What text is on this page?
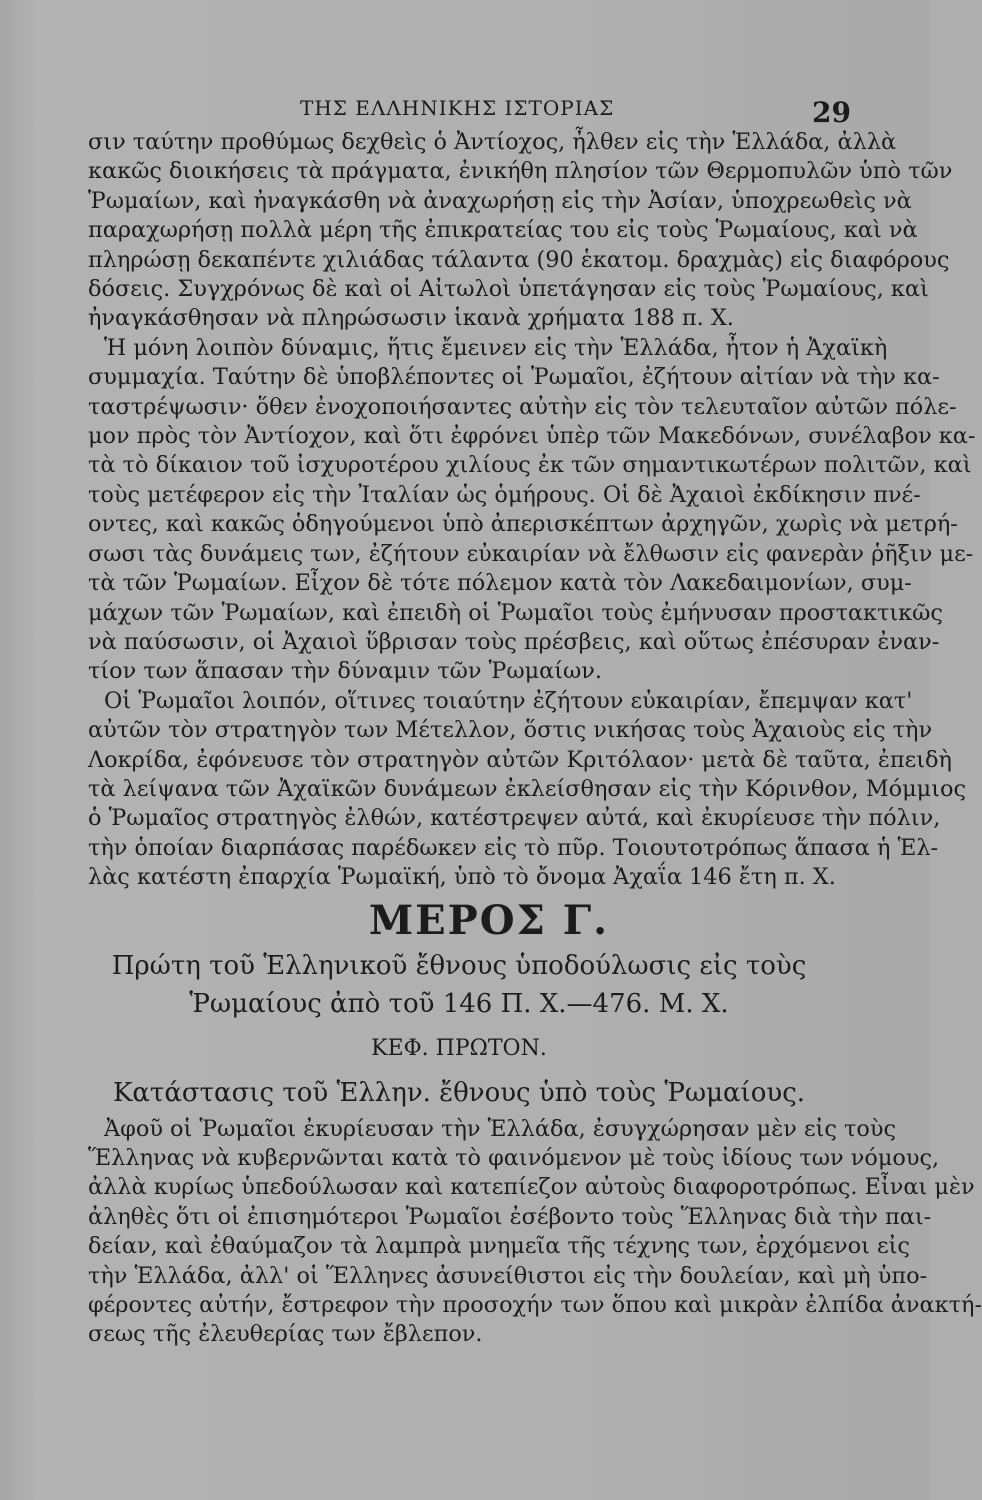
ΤΗΣ ΕΛΛΗΝΙΚΗΣ ΙΣΤΟΡΙΑΣ	29
σιν ταύτην προθύμως δεχθεὶς ὁ Ἀντίοχος, ἦλθεν εἰς τὴν Ἑλλάδα, ἀλλὰ
κακῶς διοικήσεις τὰ πράγματα, ἐνικήθη πλησίον τῶν Θερμοπυλῶν ὑπὸ τῶν
Ῥωμαίων, καὶ ἠναγκάσθη νὰ ἀναχωρήσῃ εἰς τὴν Ἀσίαν, ὑποχρεωθεὶς νὰ
παραχωρήσῃ πολλὰ μέρη τῆς ἐπικρατείας του εἰς τοὺς Ῥωμαίους, καὶ νὰ
πληρώσῃ δεκαπέντε χιλιάδας τάλαντα (90 ἑκατομ. δραχμὰς) εἰς διαφόρους
δόσεις. Συγχρόνως δὲ καὶ οἱ Αἰτωλοὶ ὑπετάγησαν εἰς τοὺς Ῥωμαίους, καὶ
ἠναγκάσθησαν νὰ πληρώσωσιν ἱκανὰ χρήματα 188 π. Χ.
Ἡ μόνη λοιπὸν δύναμις, ἥτις ἔμεινεν εἰς τὴν Ἑλλάδα, ἦτον ἡ Ἀχαϊκὴ
συμμαχία. Ταύτην δὲ ὑποβλέποντες οἱ Ῥωμαῖοι, ἐζήτουν αἰτίαν νὰ τὴν κα-
ταστρέψωσιν· ὅθεν ἐνοχοποιήσαντες αὐτὴν εἰς τὸν τελευταῖον αὐτῶν πόλε-
μον πρὸς τὸν Ἀντίοχον, καὶ ὅτι ἐφρόνει ὑπὲρ τῶν Μακεδόνων, συνέλαβον κα-
τὰ τὸ δίκαιον τοῦ ἰσχυροτέρου χιλίους ἐκ τῶν σημαντικωτέρων πολιτῶν, καὶ
τοὺς μετέφερον εἰς τὴν Ἰταλίαν ὡς ὁμήρους. Οἱ δὲ Ἀχαιοὶ ἐκδίκησιν πνέ-
οντες, καὶ κακῶς ὁδηγούμενοι ὑπὸ ἀπερισκέπτων ἀρχηγῶν, χωρὶς νὰ μετρή-
σωσι τὰς δυνάμεις των, ἐζήτουν εὐκαιρίαν νὰ ἔλθωσιν εἰς φανερὰν ῥῆξιν με-
τὰ τῶν Ῥωμαίων. Εἶχον δὲ τότε πόλεμον κατὰ τὸν Λακεδαιμονίων, συμ-
μάχων τῶν Ῥωμαίων, καὶ ἐπειδὴ οἱ Ῥωμαῖοι τοὺς ἐμήνυσαν προστακτικῶς
νὰ παύσωσιν, οἱ Ἀχαιοὶ ὕβρισαν τοὺς πρέσβεις, καὶ οὕτως ἐπέσυραν ἐναν-
τίον των ἅπασαν τὴν δύναμιν τῶν Ῥωμαίων.
Οἱ Ῥωμαῖοι λοιπόν, οἵτινες τοιαύτην ἐζήτουν εὐκαιρίαν, ἔπεμψαν κατ'
αὐτῶν τὸν στρατηγὸν των Μέτελλον, ὅστις νικήσας τοὺς Ἀχαιοὺς εἰς τὴν
Λοκρίδα, ἐφόνευσε τὸν στρατηγὸν αὐτῶν Κριτόλαον· μετὰ δὲ ταῦτα, ἐπειδὴ
τὰ λείψανα τῶν Ἀχαϊκῶν δυνάμεων ἐκλείσθησαν εἰς τὴν Κόρινθον, Μόμμιος
ὁ Ῥωμαῖος στρατηγὸς ἐλθών, κατέστρεψεν αὐτά, καὶ ἐκυρίευσε τὴν πόλιν,
τὴν ὁποίαν διαρπάσας παρέδωκεν εἰς τὸ πῦρ. Τοιουτοτρόπως ἅπασα ἡ Ἑλ-
λὰς κατέστη ἐπαρχία Ῥωμαϊκή, ὑπὸ τὸ ὄνομα Ἀχαΐα 146 ἔτη π. Χ.
ΜΕΡΟΣ Γ.
Πρώτη τοῦ Ἑλληνικοῦ ἔθνους ὑποδούλωσις εἰς τοὺς
Ῥωμαίους ἀπὸ τοῦ 146 Π. Χ.—476. Μ. Χ.
ΚΕΦ. ΠΡΩΤΟΝ.
Κατάστασις τοῦ Ἑλλην. ἔθνους ὑπὸ τοὺς Ῥωμαίους.
Ἀφοῦ οἱ Ῥωμαῖοι ἐκυρίευσαν τὴν Ἑλλάδα, ἐσυγχώρησαν μὲν εἰς τοὺς
Ἕλληνας νὰ κυβερνῶνται κατὰ τὸ φαινόμενον μὲ τοὺς ἰδίους των νόμους,
ἀλλὰ κυρίως ὑπεδούλωσαν καὶ κατεπίεζον αὐτοὺς διαφοροτρόπως. Εἶναι μὲν
ἀληθὲς ὅτι οἱ ἐπισημότεροι Ῥωμαῖοι ἐσέβοντο τοὺς Ἕλληνας διὰ τὴν παι-
δείαν, καὶ ἐθαύμαζον τὰ λαμπρὰ μνημεῖα τῆς τέχνης των, ἐρχόμενοι εἰς
τὴν Ἑλλάδα, ἀλλ' οἱ Ἕλληνες ἀσυνείθιστοι εἰς τὴν δουλείαν, καὶ μὴ ὑπο-
φέροντες αὐτήν, ἔστρεφον τὴν προσοχήν των ὅπου καὶ μικρὰν ἐλπίδα ἀνακτή-
σεως τῆς ἐλευθερίας των ἔβλεπον.
